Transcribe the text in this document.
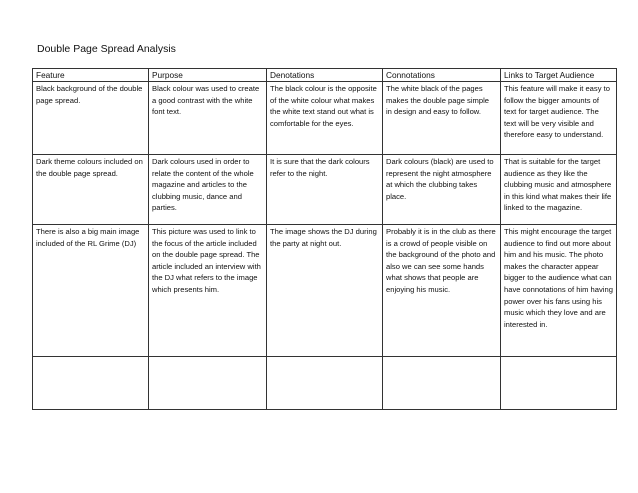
Double Page Spread Analysis
Feature	Purpose	Denotations	Connotations	Links to Target Audience
Black background of the double page spread.	Black colour was used to create a good contrast with the white font text.	The black colour is the opposite of the white colour what makes the white text stand out what is comfortable for the eyes.	The white black of the pages makes the double page simple in design and easy to follow.	This feature will make it easy to follow the bigger amounts of text for target audience. The text will be very visible and therefore easy to understand.
Dark theme colours included on the double page spread.	Dark colours used in order to relate the content of the whole magazine and articles to the clubbing music, dance and parties.	It is sure that the dark colours refer to the night.	Dark colours (black) are used to represent the night atmosphere at which the clubbing takes place.	That is suitable for the target audience as they like the clubbing music and atmosphere in this kind what makes their life linked to the magazine.
There is also a big main image included of the RL Grime (DJ)	This picture was used to link to the focus of the article included on the double page spread. The article included an interview with the DJ what refers to the image which presents him.	The image shows the DJ during the party at night out.	Probably it is in the club as there is a crowd of people visible on the background of the photo and also we can see some hands what shows that people are enjoying his music.	This might encourage the target audience to find out more about him and his music. The photo makes the character appear bigger to the audience what can have connotations of him having power over his fans using his music which they love and are interested in.
